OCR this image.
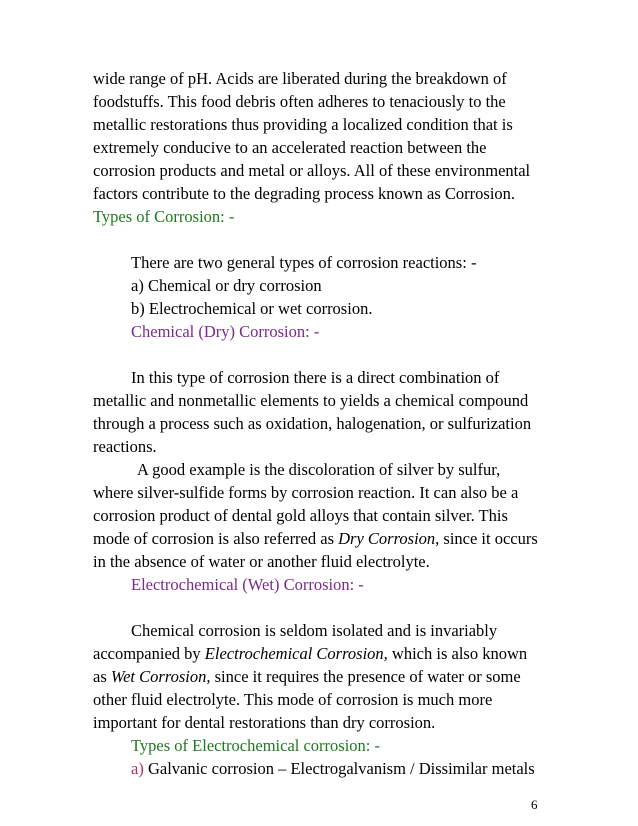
wide range of pH. Acids are liberated during the breakdown of
foodstuffs. This food debris often adheres to tenaciously to the
metallic restorations thus providing a localized condition that is
extremely conducive to an accelerated reaction between the
corrosion products and metal or alloys. All of these environmental
factors contribute to the degrading process known as Corrosion.
Types of Corrosion: -
There are two general types of corrosion reactions: -
a) Chemical or dry corrosion
b) Electrochemical or wet corrosion.
Chemical (Dry) Corrosion: -
In this type of corrosion there is a direct combination of
metallic and nonmetallic elements to yields a chemical compound
through a process such as oxidation, halogenation, or sulfurization
reactions.
A good example is the discoloration of silver by sulfur,
where silver-sulfide forms by corrosion reaction. It can also be a
corrosion product of dental gold alloys that contain silver. This
mode of corrosion is also referred as Dry Corrosion, since it occurs
in the absence of water or another fluid electrolyte.
Electrochemical (Wet) Corrosion: -
Chemical corrosion is seldom isolated and is invariably
accompanied by Electrochemical Corrosion, which is also known
as Wet Corrosion, since it requires the presence of water or some
other fluid electrolyte. This mode of corrosion is much more
important for dental restorations than dry corrosion.
Types of Electrochemical corrosion: -
a) Galvanic corrosion – Electrogalvanism / Dissimilar metals
6
